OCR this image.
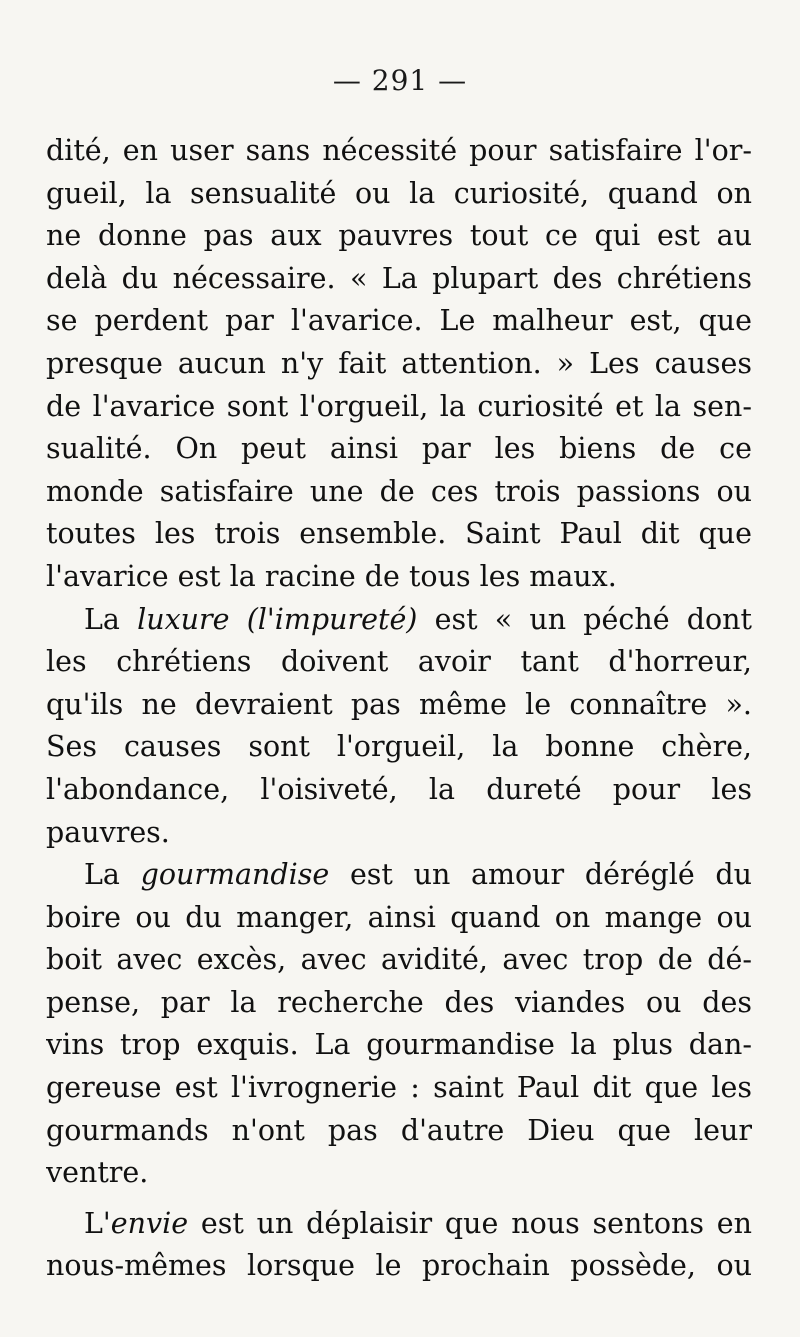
— 291 —
dité, en user sans nécessité pour satisfaire l'or-
gueil, la sensualité ou la curiosité, quand on
ne donne pas aux pauvres tout ce qui est au
delà du nécessaire. « La plupart des chrétiens
se perdent par l'avarice. Le malheur est, que
presque aucun n'y fait attention. » Les causes
de l'avarice sont l'orgueil, la curiosité et la sen-
sualité. On peut ainsi par les biens de ce
monde satisfaire une de ces trois passions ou
toutes les trois ensemble. Saint Paul dit que
l'avarice est la racine de tous les maux.
La luxure (l'impureté) est « un péché dont
les chrétiens doivent avoir tant d'horreur,
qu'ils ne devraient pas même le connaître ».
Ses causes sont l'orgueil, la bonne chère,
l'abondance, l'oisiveté, la dureté pour les
pauvres.
La gourmandise est un amour déréglé du
boire ou du manger, ainsi quand on mange ou
boit avec excès, avec avidité, avec trop de dé-
pense, par la recherche des viandes ou des
vins trop exquis. La gourmandise la plus dan-
gereuse est l'ivrognerie : saint Paul dit que les
gourmands n'ont pas d'autre Dieu que leur
ventre.
L'envie est un déplaisir que nous sentons en
nous-mêmes lorsque le prochain possède, ou
